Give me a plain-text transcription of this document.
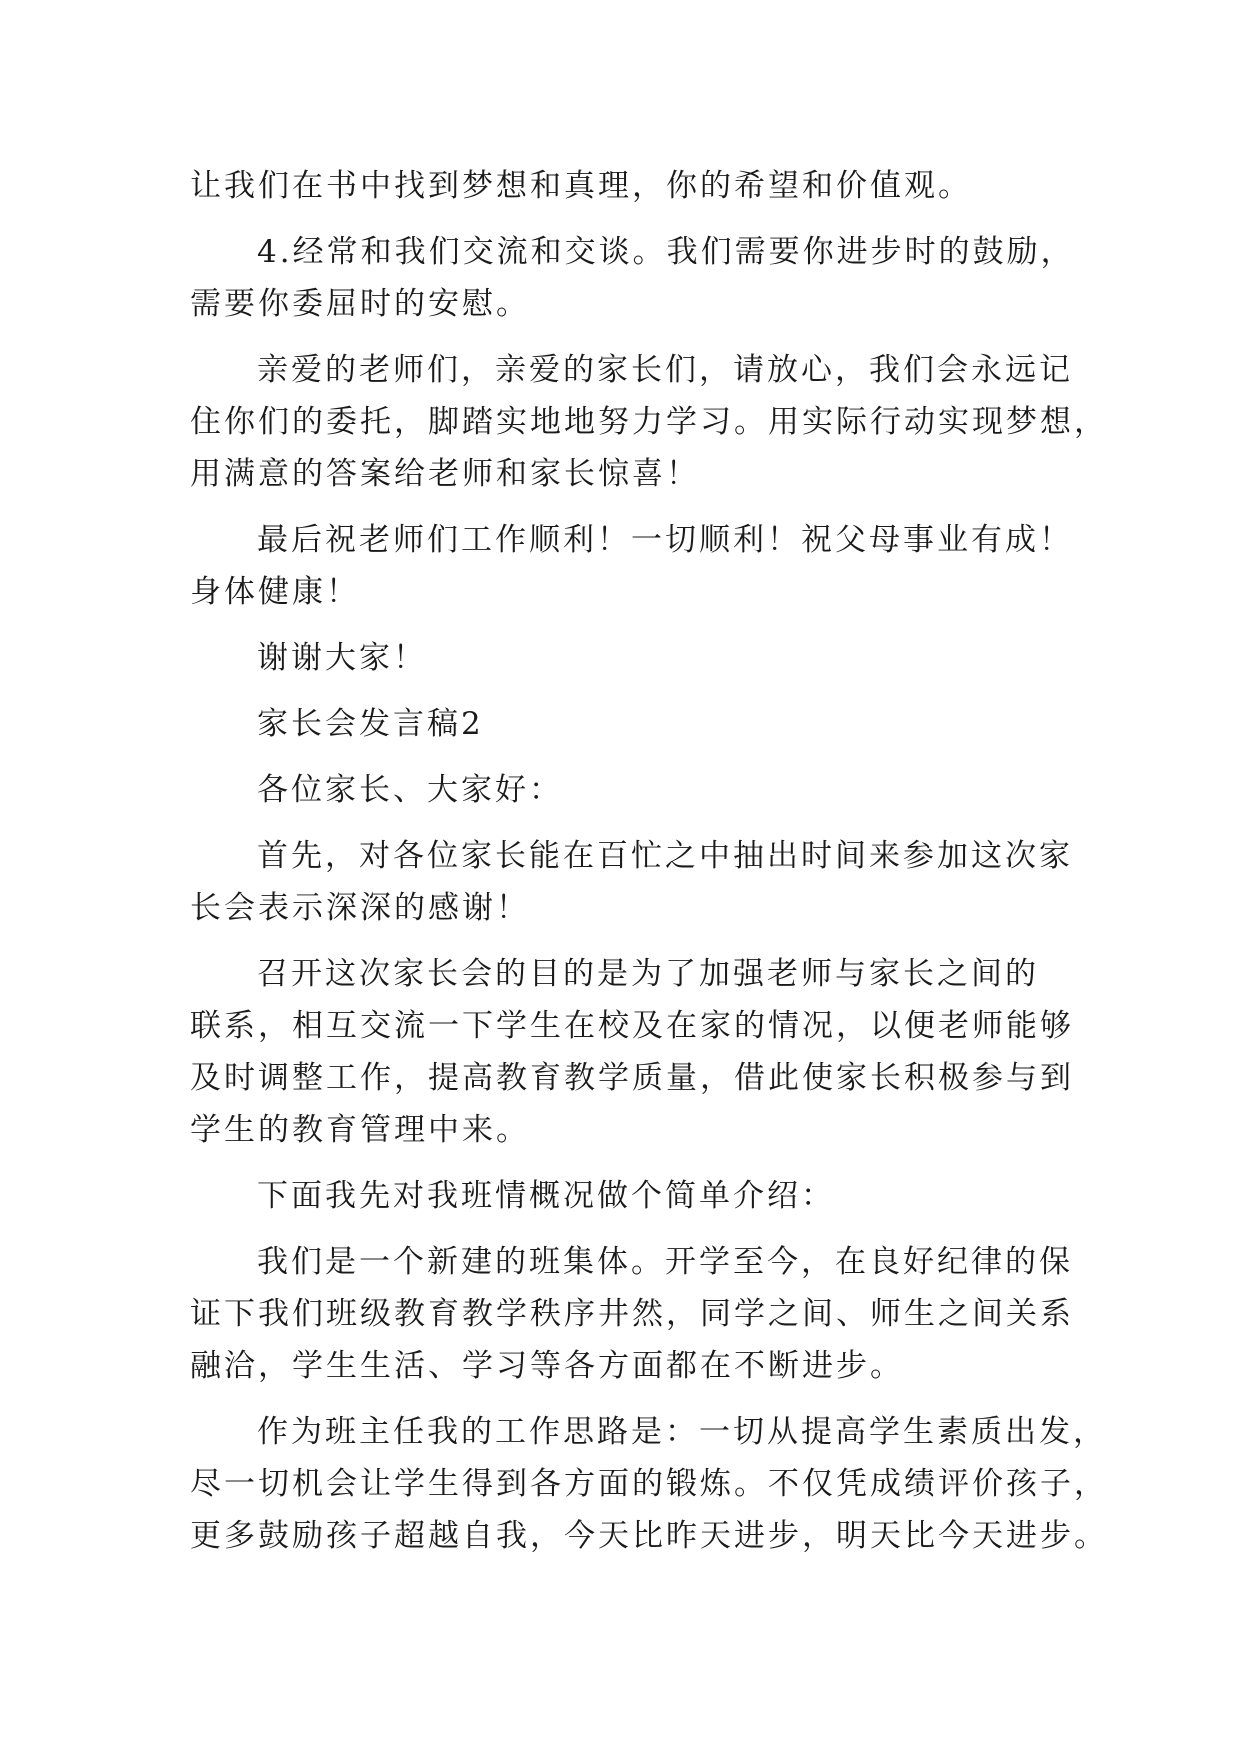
让我们在书中找到梦想和真理，你的希望和价值观。
4.经常和我们交流和交谈。我们需要你进步时的鼓励，
需要你委屈时的安慰。
亲爱的老师们，亲爱的家长们，请放心，我们会永远记
住你们的委托，脚踏实地地努力学习。用实际行动实现梦想，
用满意的答案给老师和家长惊喜！
最后祝老师们工作顺利！一切顺利！祝父母事业有成！
身体健康！
谢谢大家！
家长会发言稿2
各位家长、大家好：
首先，对各位家长能在百忙之中抽出时间来参加这次家
长会表示深深的感谢！
召开这次家长会的目的是为了加强老师与家长之间的
联系，相互交流一下学生在校及在家的情况，以便老师能够
及时调整工作，提高教育教学质量，借此使家长积极参与到
学生的教育管理中来。
下面我先对我班情概况做个简单介绍：
我们是一个新建的班集体。开学至今，在良好纪律的保
证下我们班级教育教学秩序井然，同学之间、师生之间关系
融洽，学生生活、学习等各方面都在不断进步。
作为班主任我的工作思路是：一切从提高学生素质出发，
尽一切机会让学生得到各方面的锻炼。不仅凭成绩评价孩子，
更多鼓励孩子超越自我，今天比昨天进步，明天比今天进步。
